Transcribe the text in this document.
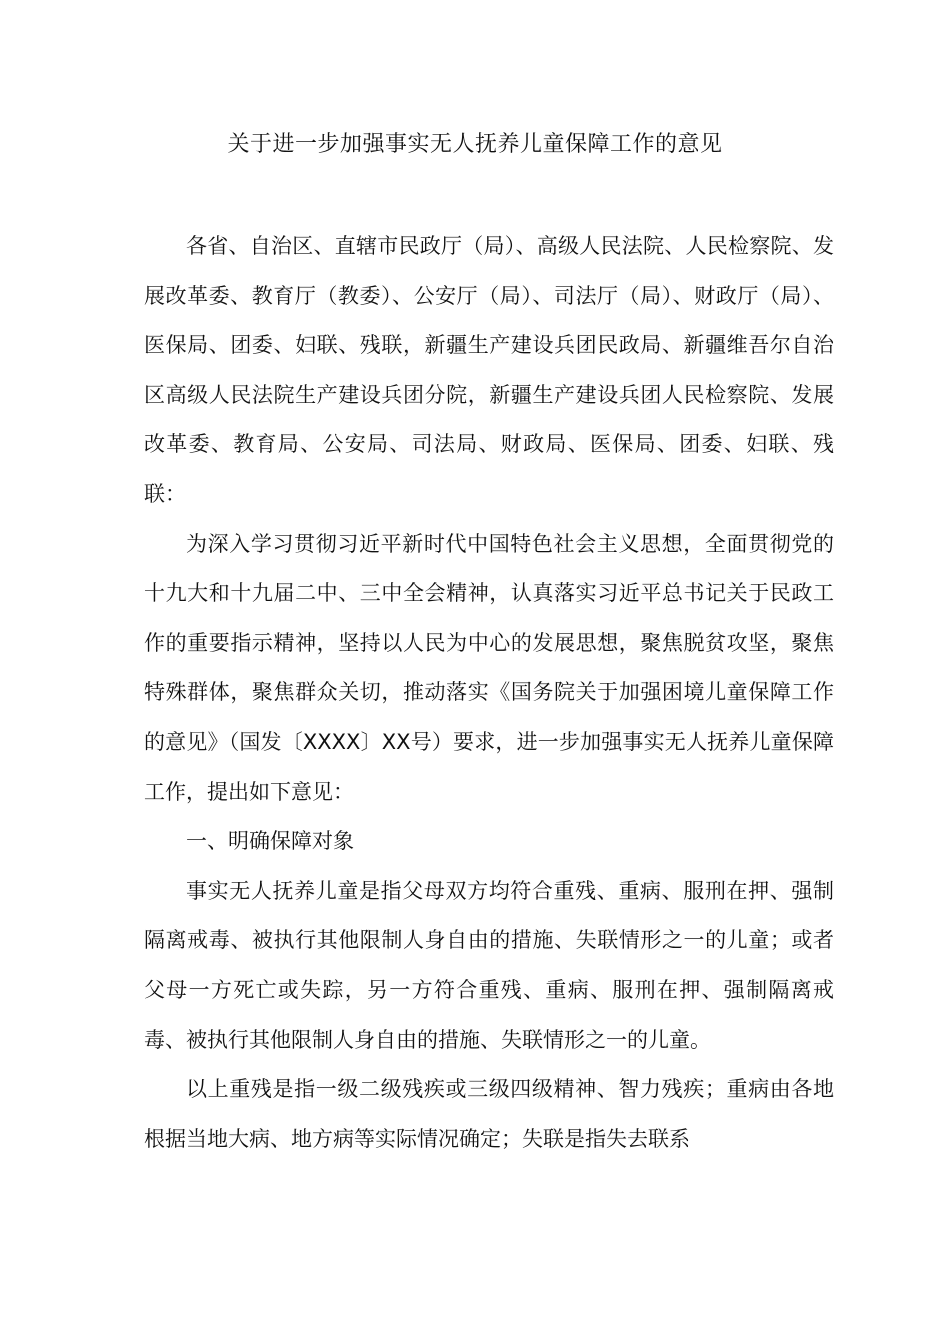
关于进一步加强事实无人抚养儿童保障工作的意见

各省、自治区、直辖市民政厅（局）、高级人民法院、人民检察院、发展改革委、教育厅（教委）、公安厅（局）、司法厅（局）、财政厅（局）、医保局、团委、妇联、残联，新疆生产建设兵团民政局、新疆维吾尔自治区高级人民法院生产建设兵团分院，新疆生产建设兵团人民检察院、发展改革委、教育局、公安局、司法局、财政局、医保局、团委、妇联、残联：

为深入学习贯彻习近平新时代中国特色社会主义思想，全面贯彻党的十九大和十九届二中、三中全会精神，认真落实习近平总书记关于民政工作的重要指示精神，坚持以人民为中心的发展思想，聚焦脱贫攻坚，聚焦特殊群体，聚焦群众关切，推动落实《国务院关于加强困境儿童保障工作的意见》（国发〔XXXX〕XX号）要求，进一步加强事实无人抚养儿童保障工作，提出如下意见：

一、明确保障对象

事实无人抚养儿童是指父母双方均符合重残、重病、服刑在押、强制隔离戒毒、被执行其他限制人身自由的措施、失联情形之一的儿童；或者父母一方死亡或失踪，另一方符合重残、重病、服刑在押、强制隔离戒毒、被执行其他限制人身自由的措施、失联情形之一的儿童。

以上重残是指一级二级残疾或三级四级精神、智力残疾；重病由各地根据当地大病、地方病等实际情况确定；失联是指失去联系
